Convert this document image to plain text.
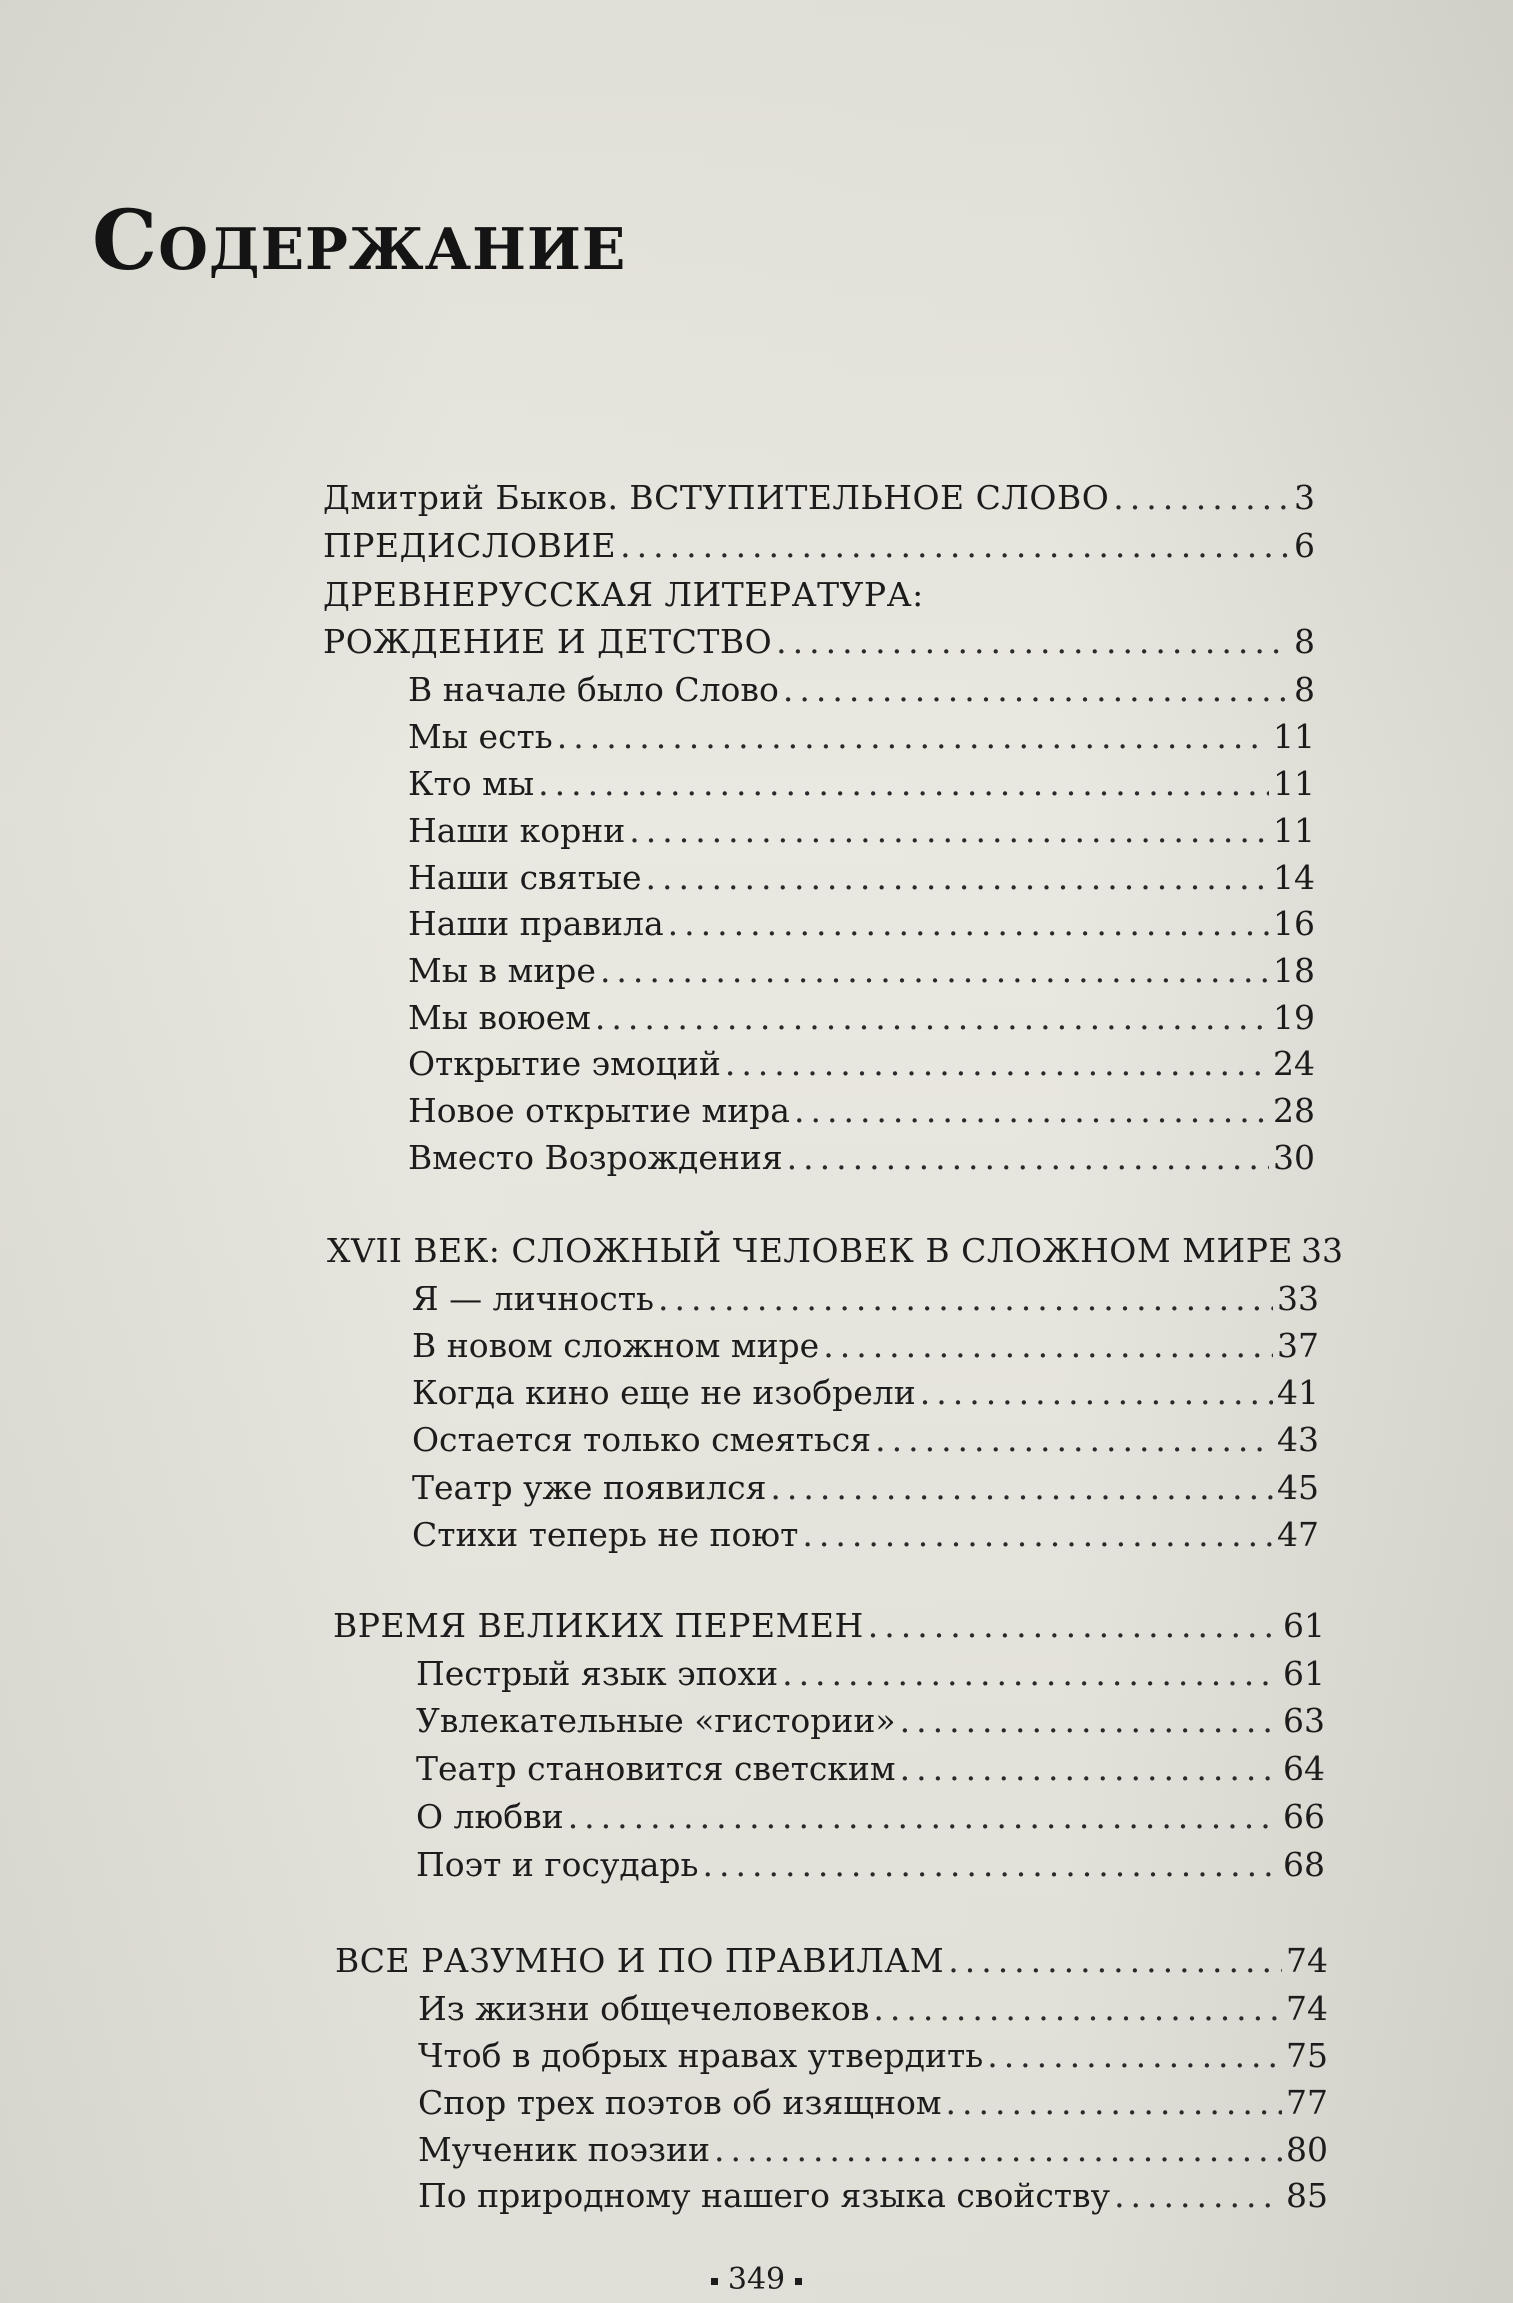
Содержание
Дмитрий Быков. ВСТУПИТЕЛЬНОЕ СЛОВО .....	3
ПРЕДИСЛОВИЕ .....	6
ДРЕВНЕРУССКАЯ ЛИТЕРАТУРА:
РОЖДЕНИЕ И ДЕТСТВО .....	8
В начале было Слово .....	8
Мы есть .....	11
Кто мы .....	11
Наши корни .....	11
Наши святые .....	14
Наши правила .....	16
Мы в мире .....	18
Мы воюем .....	19
Открытие эмоций .....	24
Новое открытие мира .....	28
Вместо Возрождения .....	30
XVII ВЕК: СЛОЖНЫЙ ЧЕЛОВЕК В СЛОЖНОМ МИРЕ 33
Я — личность .....	33
В новом сложном мире .....	37
Когда кино еще не изобрели .....	41
Остается только смеяться .....	43
Театр уже появился .....	45
Стихи теперь не поют .....	47
ВРЕМЯ ВЕЛИКИХ ПЕРЕМЕН .....	61
Пестрый язык эпохи .....	61
Увлекательные «гистории» .....	63
Театр становится светским .....	64
О любви .....	66
Поэт и государь .....	68
ВСЕ РАЗУМНО И ПО ПРАВИЛАМ .....	74
Из жизни общечеловеков .....	74
Чтоб в добрых нравах утвердить .....	75
Спор трех поэтов об изящном .....	77
Мученик поэзии .....	80
По природному нашего языка свойству .....	85
349
